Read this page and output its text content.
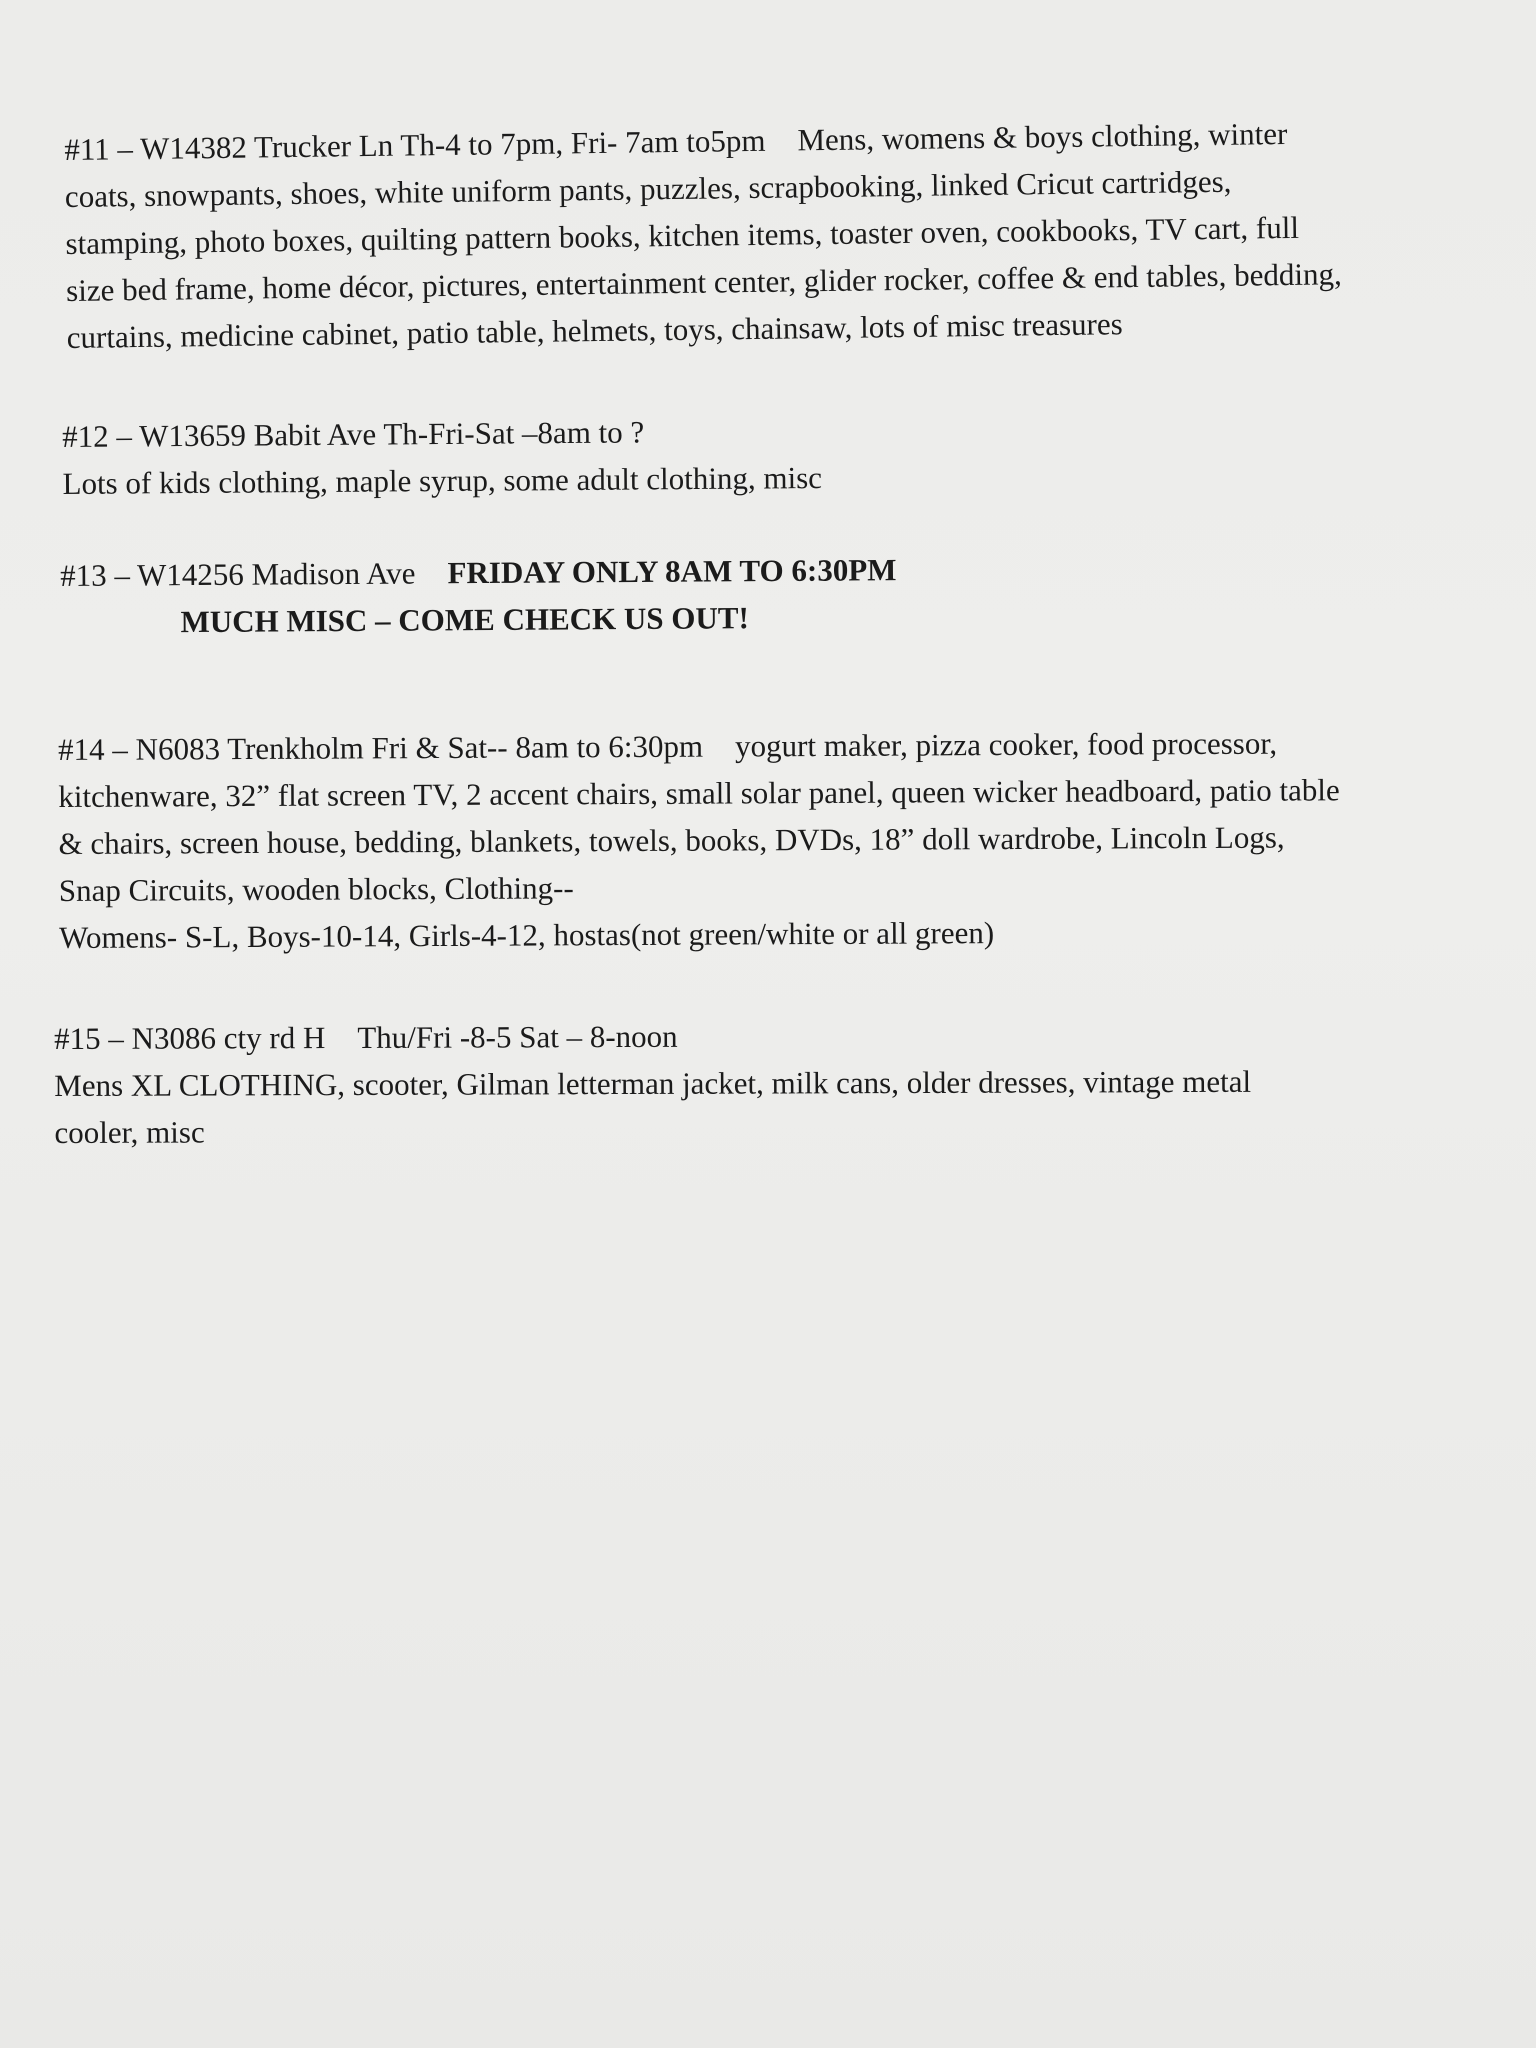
#11 – W14382 Trucker Ln Th-4 to 7pm, Fri- 7am to5pm Mens, womens & boys clothing, winter

coats, snowpants, shoes, white uniform pants, puzzles, scrapbooking, linked Cricut cartridges,

stamping, photo boxes, quilting pattern books, kitchen items, toaster oven, cookbooks, TV cart, full

size bed frame, home décor, pictures, entertainment center, glider rocker, coffee & end tables, bedding,

curtains, medicine cabinet, patio table, helmets, toys, chainsaw, lots of misc treasures

#12 – W13659 Babit Ave Th-Fri-Sat –8am to ?

Lots of kids clothing, maple syrup, some adult clothing, misc

#13 – W14256 Madison Ave FRIDAY ONLY 8AM TO 6:30PM

MUCH MISC – COME CHECK US OUT!

#14 – N6083 Trenkholm Fri & Sat-- 8am to 6:30pm yogurt maker, pizza cooker, food processor,

kitchenware, 32” flat screen TV, 2 accent chairs, small solar panel, queen wicker headboard, patio table

& chairs, screen house, bedding, blankets, towels, books, DVDs, 18” doll wardrobe, Lincoln Logs,

Snap Circuits, wooden blocks, Clothing--

Womens- S-L, Boys-10-14, Girls-4-12, hostas(not green/white or all green)

#15 – N3086 cty rd H Thu/Fri -8-5 Sat – 8-noon

Mens XL CLOTHING, scooter, Gilman letterman jacket, milk cans, older dresses, vintage metal

cooler, misc
